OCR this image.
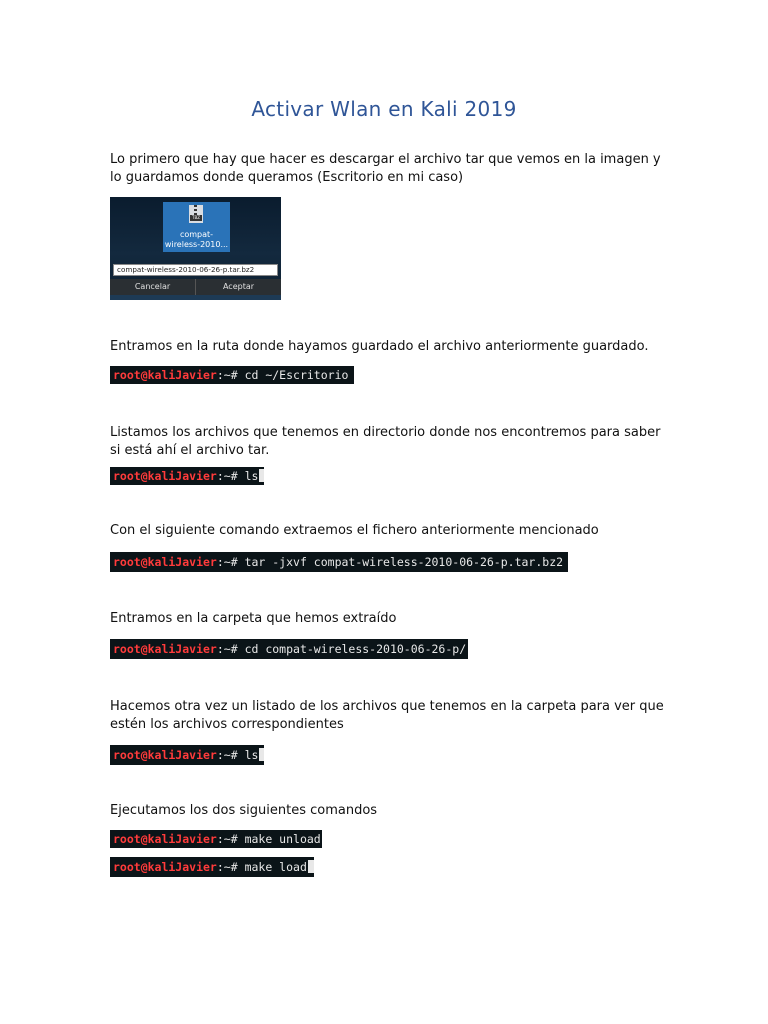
Activar Wlan en Kali 2019
Lo primero que hay que hacer es descargar el archivo tar que vemos en la imagen y lo guardamos donde queramos (Escritorio en mi caso)
TBZ
compat-wireless-2010...
compat-wireless-2010-06-26-p.tar.bz2
Cancelar	Aceptar
Entramos en la ruta donde hayamos guardado el archivo anteriormente guardado.
root@kaliJavier:~# cd ~/Escritorio
Listamos los archivos que tenemos en directorio donde nos encontremos para saber si está ahí el archivo tar.
root@kaliJavier:~# ls
Con el siguiente comando extraemos el fichero anteriormente mencionado
root@kaliJavier:~# tar -jxvf compat-wireless-2010-06-26-p.tar.bz2
Entramos en la carpeta que hemos extraído
root@kaliJavier:~# cd compat-wireless-2010-06-26-p/
Hacemos otra vez un listado de los archivos que tenemos en la carpeta para ver que estén los archivos correspondientes
root@kaliJavier:~# ls
Ejecutamos los dos siguientes comandos
root@kaliJavier:~# make unload
root@kaliJavier:~# make load
